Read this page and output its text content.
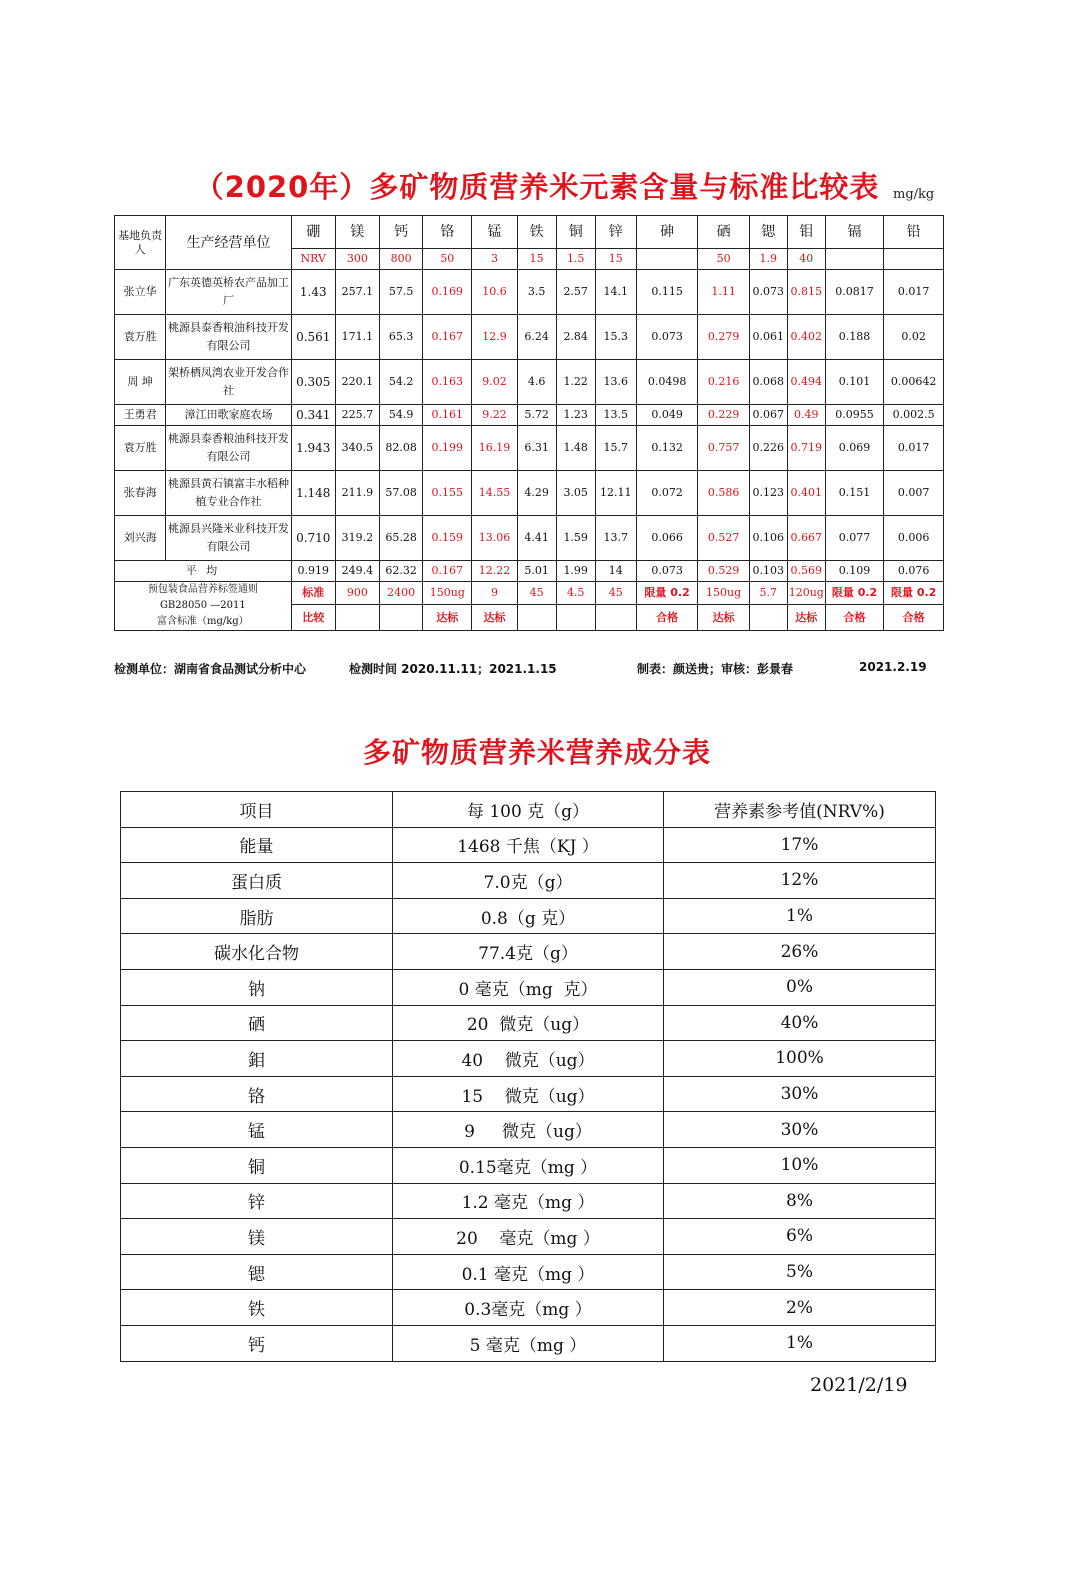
（2020年）多矿物质营养米元素含量与标准比较表	mg/kg
基地负责人	生产经营单位	硼	镁	钙	铬	锰	铁	铜	锌	砷	硒	锶	钼	镉	铅
		NRV	300	800	50	3	15	1.5	15		50	1.9	40		
张立华	广东英德英桥农产品加工厂	1.43	257.1	57.5	0.169	10.6	3.5	2.57	14.1	0.115	1.11	0.073	0.815	0.0817	0.017
袁万胜	桃源县泰香粮油科技开发有限公司	0.561	171.1	65.3	0.167	12.9	6.24	2.84	15.3	0.073	0.279	0.061	0.402	0.188	0.02
周 坤	架桥栖凤湾农业开发合作社	0.305	220.1	54.2	0.163	9.02	4.6	1.22	13.6	0.0498	0.216	0.068	0.494	0.101	0.00642
王勇君	漳江田歌家庭农场	0.341	225.7	54.9	0.161	9.22	5.72	1.23	13.5	0.049	0.229	0.067	0.49	0.0955	0.002.5
袁万胜	桃源县泰香粮油科技开发有限公司	1.943	340.5	82.08	0.199	16.19	6.31	1.48	15.7	0.132	0.757	0.226	0.719	0.069	0.017
张春海	桃源县黄石镇富丰水稻种植专业合作社	1.148	211.9	57.08	0.155	14.55	4.29	3.05	12.11	0.072	0.586	0.123	0.401	0.151	0.007
刘兴海	桃源县兴隆米业科技开发有限公司	0.710	319.2	65.28	0.159	13.06	4.41	1.59	13.7	0.066	0.527	0.106	0.667	0.077	0.006
平 均		0.919	249.4	62.32	0.167	12.22	5.01	1.99	14	0.073	0.529	0.103	0.569	0.109	0.076

预包装食品营养标签通则
GB28050 —2011
富含标准（mg/kg）		标准	900	2400	150ug	9	45	4.5	45	限量 0.2	150ug	5.7	120ug	限量 0.2	限量 0.2
		比较			达标	达标				合格	达标		达标	合格	合格
检测单位：湖南省食品测试分析中心	检测时间 2020.11.11；2021.1.15	制表：颜送贵；审核：彭景春	2021.2.19
多矿物质营养米营养成分表
项目	每 100 克（g）	营养素参考值(NRV%)
能量	1468 千焦（KJ ）	17%
蛋白质	7.0克（g）	12%
脂肪	0.8（g 克）	1%
碳水化合物	77.4克（g）	26%
钠	0 毫克（mg  克）	0%
硒	20  微克（ug）	40%
鉬	40    微克（ug）	100%
铬	15    微克（ug）	30%
锰	9     微克（ug）	30%
铜	0.15毫克（mg ）	10%
锌	1.2 毫克（mg ）	8%
镁	20    毫克（mg ）	6%
锶	0.1 毫克（mg ）	5%
铁	0.3毫克（mg ）	2%
钙	5 毫克（mg ）	1%
2021/2/19
